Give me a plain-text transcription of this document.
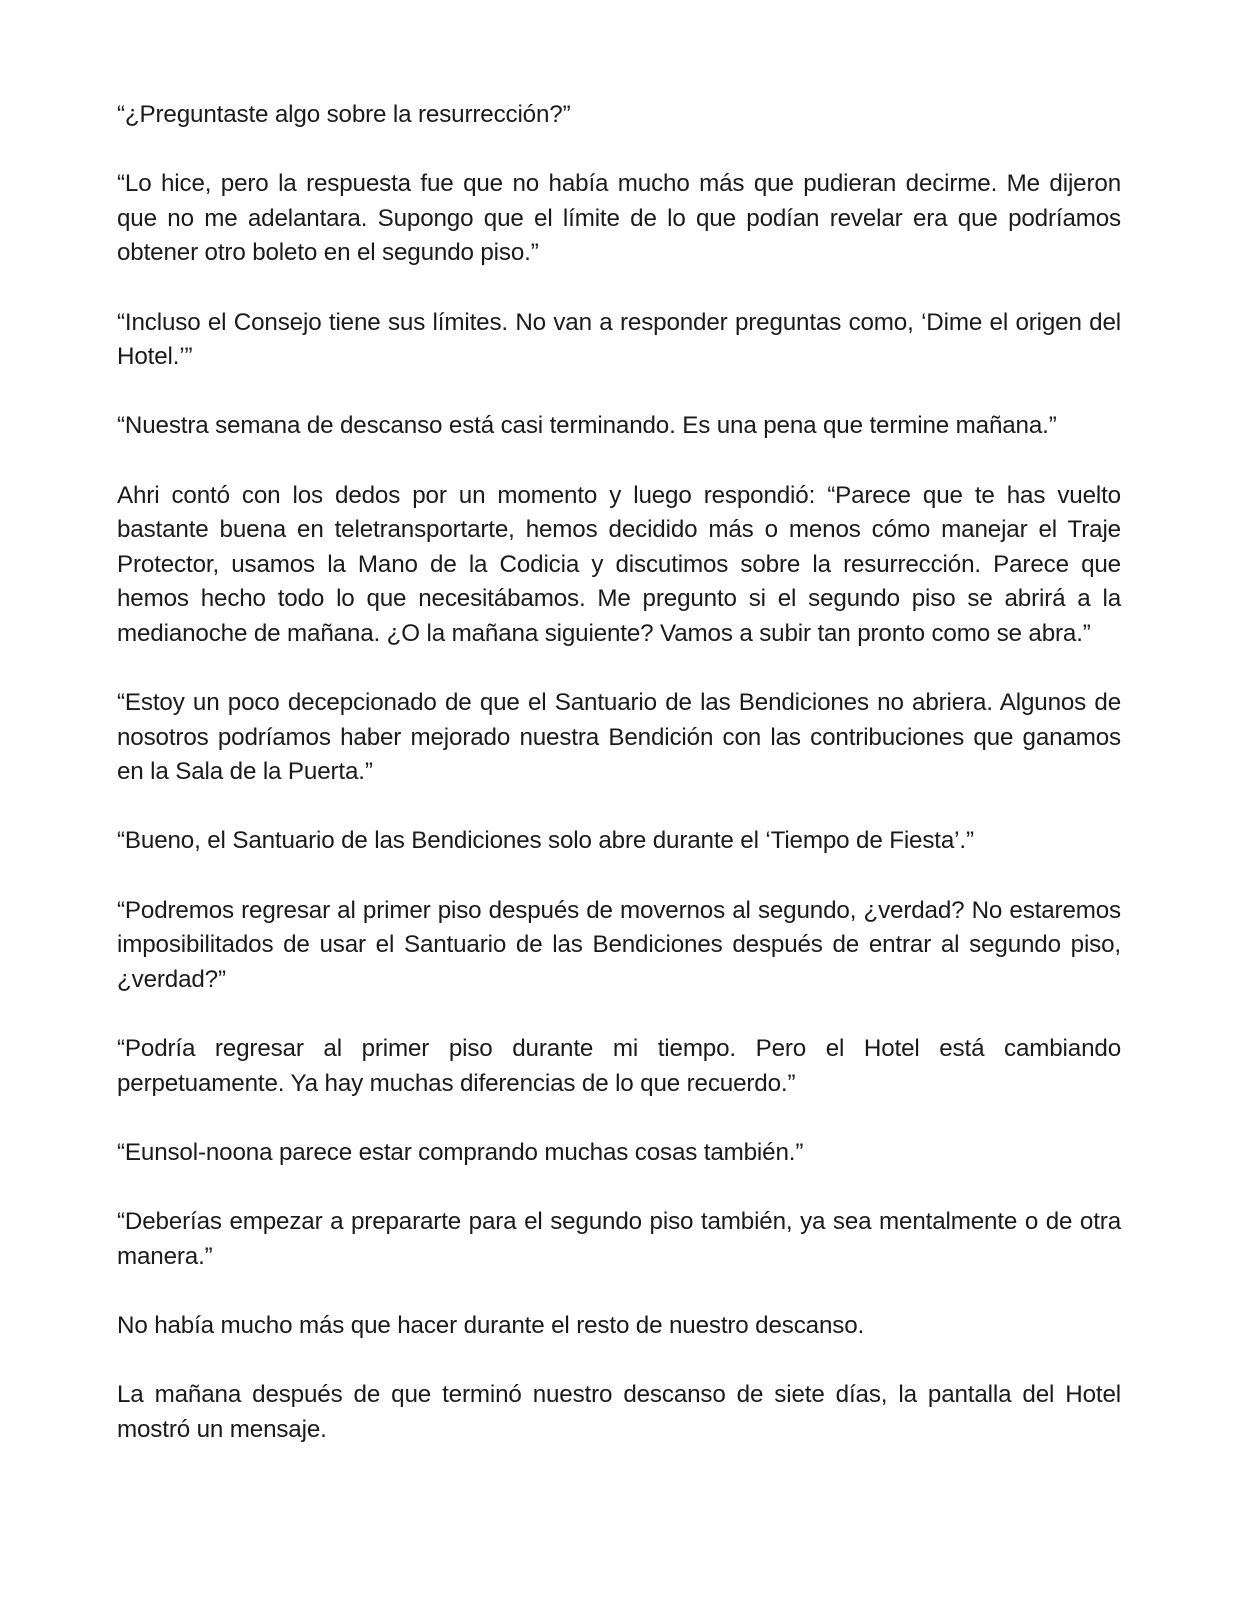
“¿Preguntaste algo sobre la resurrección?”

“Lo hice, pero la respuesta fue que no había mucho más que pudieran decirme. Me dijeron que no me adelantara. Supongo que el límite de lo que podían revelar era que podríamos obtener otro boleto en el segundo piso.”

“Incluso el Consejo tiene sus límites. No van a responder preguntas como, ‘Dime el origen del Hotel.’”

“Nuestra semana de descanso está casi terminando. Es una pena que termine mañana.”

Ahri contó con los dedos por un momento y luego respondió: “Parece que te has vuelto bastante buena en teletransportarte, hemos decidido más o menos cómo manejar el Traje Protector, usamos la Mano de la Codicia y discutimos sobre la resurrección. Parece que hemos hecho todo lo que necesitábamos. Me pregunto si el segundo piso se abrirá a la medianoche de mañana. ¿O la mañana siguiente? Vamos a subir tan pronto como se abra.”

“Estoy un poco decepcionado de que el Santuario de las Bendiciones no abriera. Algunos de nosotros podríamos haber mejorado nuestra Bendición con las contribuciones que ganamos en la Sala de la Puerta.”

“Bueno, el Santuario de las Bendiciones solo abre durante el ‘Tiempo de Fiesta’.”

“Podremos regresar al primer piso después de movernos al segundo, ¿verdad? No estaremos imposibilitados de usar el Santuario de las Bendiciones después de entrar al segundo piso, ¿verdad?”

“Podría regresar al primer piso durante mi tiempo. Pero el Hotel está cambiando perpetuamente. Ya hay muchas diferencias de lo que recuerdo.”

“Eunsol-noona parece estar comprando muchas cosas también.”

“Deberías empezar a prepararte para el segundo piso también, ya sea mentalmente o de otra manera.”

No había mucho más que hacer durante el resto de nuestro descanso.

La mañana después de que terminó nuestro descanso de siete días, la pantalla del Hotel mostró un mensaje.
